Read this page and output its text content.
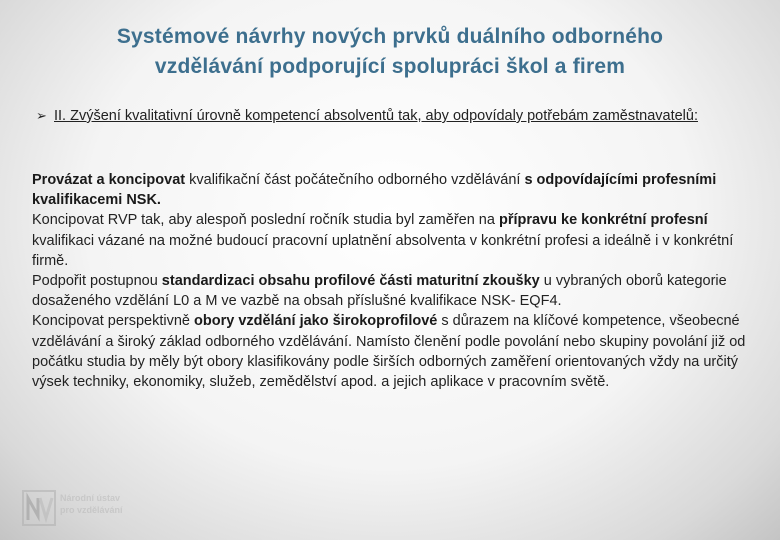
Systémové návrhy nových prvků duálního odborného
vzdělávání podporující spolupráci škol a firem
➢ II. Zvýšení kvalitativní úrovně kompetencí absolventů tak, aby odpovídaly potřebám zaměstnavatelů:

Provázat a koncipovat kvalifikační část počátečního odborného vzdělávání s odpovídajícími profesními kvalifikacemi NSK.

Koncipovat RVP tak, aby alespoň poslední ročník studia byl zaměřen na přípravu ke konkrétní profesní kvalifikaci vázané na možné budoucí pracovní uplatnění absolventa v konkrétní profesi a ideálně i v konkrétní firmě.

Podpořit postupnou standardizaci obsahu profilové části maturitní zkoušky u vybraných oborů kategorie dosaženého vzdělání L0 a M ve vazbě na obsah příslušné kvalifikace NSK- EQF4.

Koncipovat perspektivně obory vzdělání jako širokoprofilové s důrazem na klíčové kompetence, všeobecné vzdělávání a široký základ odborného vzdělávání. Namísto členění podle povolání nebo skupiny povolání již od počátku studia by měly být obory klasifikovány podle širších odborných zaměření orientovaných vždy na určitý výsek techniky, ekonomiky, služeb, zemědělství apod. a jejich aplikace v pracovním světě.

Národní ústav
pro vzdělávání
